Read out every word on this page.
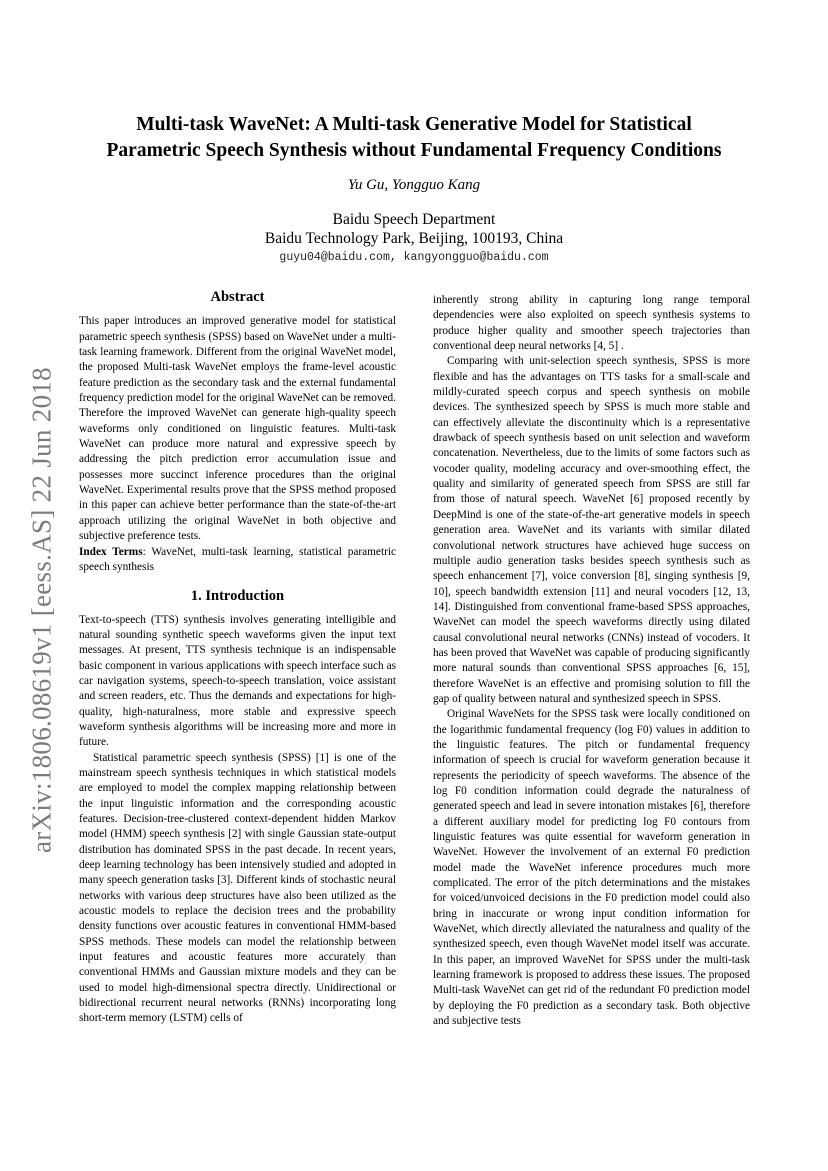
arXiv:1806.08619v1 [eess.AS] 22 Jun 2018
Multi-task WaveNet: A Multi-task Generative Model for Statistical
Parametric Speech Synthesis without Fundamental Frequency Conditions
Yu Gu, Yongguo Kang
Baidu Speech Department
Baidu Technology Park, Beijing, 100193, China
guyu04@baidu.com, kangyongguo@baidu.com
Abstract

This paper introduces an improved generative model for statistical parametric speech synthesis (SPSS) based on WaveNet under a multi-task learning framework. Different from the original WaveNet model, the proposed Multi-task WaveNet employs the frame-level acoustic feature prediction as the secondary task and the external fundamental frequency prediction model for the original WaveNet can be removed. Therefore the improved WaveNet can generate high-quality speech waveforms only conditioned on linguistic features. Multi-task WaveNet can produce more natural and expressive speech by addressing the pitch prediction error accumulation issue and possesses more succinct inference procedures than the original WaveNet. Experimental results prove that the SPSS method proposed in this paper can achieve better performance than the state-of-the-art approach utilizing the original WaveNet in both objective and subjective preference tests.

Index Terms: WaveNet, multi-task learning, statistical parametric speech synthesis

1. Introduction

Text-to-speech (TTS) synthesis involves generating intelligible and natural sounding synthetic speech waveforms given the input text messages. At present, TTS synthesis technique is an indispensable basic component in various applications with speech interface such as car navigation systems, speech-to-speech translation, voice assistant and screen readers, etc. Thus the demands and expectations for high-quality, high-naturalness, more stable and expressive speech waveform synthesis algorithms will be increasing more and more in future.

Statistical parametric speech synthesis (SPSS) [1] is one of the mainstream speech synthesis techniques in which statistical models are employed to model the complex mapping relationship between the input linguistic information and the corresponding acoustic features. Decision-tree-clustered context-dependent hidden Markov model (HMM) speech synthesis [2] with single Gaussian state-output distribution has dominated SPSS in the past decade. In recent years, deep learning technology has been intensively studied and adopted in many speech generation tasks [3]. Different kinds of stochastic neural networks with various deep structures have also been utilized as the acoustic models to replace the decision trees and the probability density functions over acoustic features in conventional HMM-based SPSS methods. These models can model the relationship between input features and acoustic features more accurately than conventional HMMs and Gaussian mixture models and they can be used to model high-dimensional spectra directly. Unidirectional or bidirectional recurrent neural networks (RNNs) incorporating long short-term memory (LSTM) cells of

inherently strong ability in capturing long range temporal dependencies were also exploited on speech synthesis systems to produce higher quality and smoother speech trajectories than conventional deep neural networks [4, 5] .

Comparing with unit-selection speech synthesis, SPSS is more flexible and has the advantages on TTS tasks for a small-scale and mildly-curated speech corpus and speech synthesis on mobile devices. The synthesized speech by SPSS is much more stable and can effectively alleviate the discontinuity which is a representative drawback of speech synthesis based on unit selection and waveform concatenation. Nevertheless, due to the limits of some factors such as vocoder quality, modeling accuracy and over-smoothing effect, the quality and similarity of generated speech from SPSS are still far from those of natural speech. WaveNet [6] proposed recently by DeepMind is one of the state-of-the-art generative models in speech generation area. WaveNet and its variants with similar dilated convolutional network structures have achieved huge success on multiple audio generation tasks besides speech synthesis such as speech enhancement [7], voice conversion [8], singing synthesis [9, 10], speech bandwidth extension [11] and neural vocoders [12, 13, 14]. Distinguished from conventional frame-based SPSS approaches, WaveNet can model the speech waveforms directly using dilated causal convolutional neural networks (CNNs) instead of vocoders. It has been proved that WaveNet was capable of producing significantly more natural sounds than conventional SPSS approaches [6, 15], therefore WaveNet is an effective and promising solution to fill the gap of quality between natural and synthesized speech in SPSS.

Original WaveNets for the SPSS task were locally conditioned on the logarithmic fundamental frequency (log F0) values in addition to the linguistic features. The pitch or fundamental frequency information of speech is crucial for waveform generation because it represents the periodicity of speech waveforms. The absence of the log F0 condition information could degrade the naturalness of generated speech and lead in severe intonation mistakes [6], therefore a different auxiliary model for predicting log F0 contours from linguistic features was quite essential for waveform generation in WaveNet. However the involvement of an external F0 prediction model made the WaveNet inference procedures much more complicated. The error of the pitch determinations and the mistakes for voiced/unvoiced decisions in the F0 prediction model could also bring in inaccurate or wrong input condition information for WaveNet, which directly alleviated the naturalness and quality of the synthesized speech, even though WaveNet model itself was accurate. In this paper, an improved WaveNet for SPSS under the multi-task learning framework is proposed to address these issues. The proposed Multi-task WaveNet can get rid of the redundant F0 prediction model by deploying the F0 prediction as a secondary task. Both objective and subjective tests
